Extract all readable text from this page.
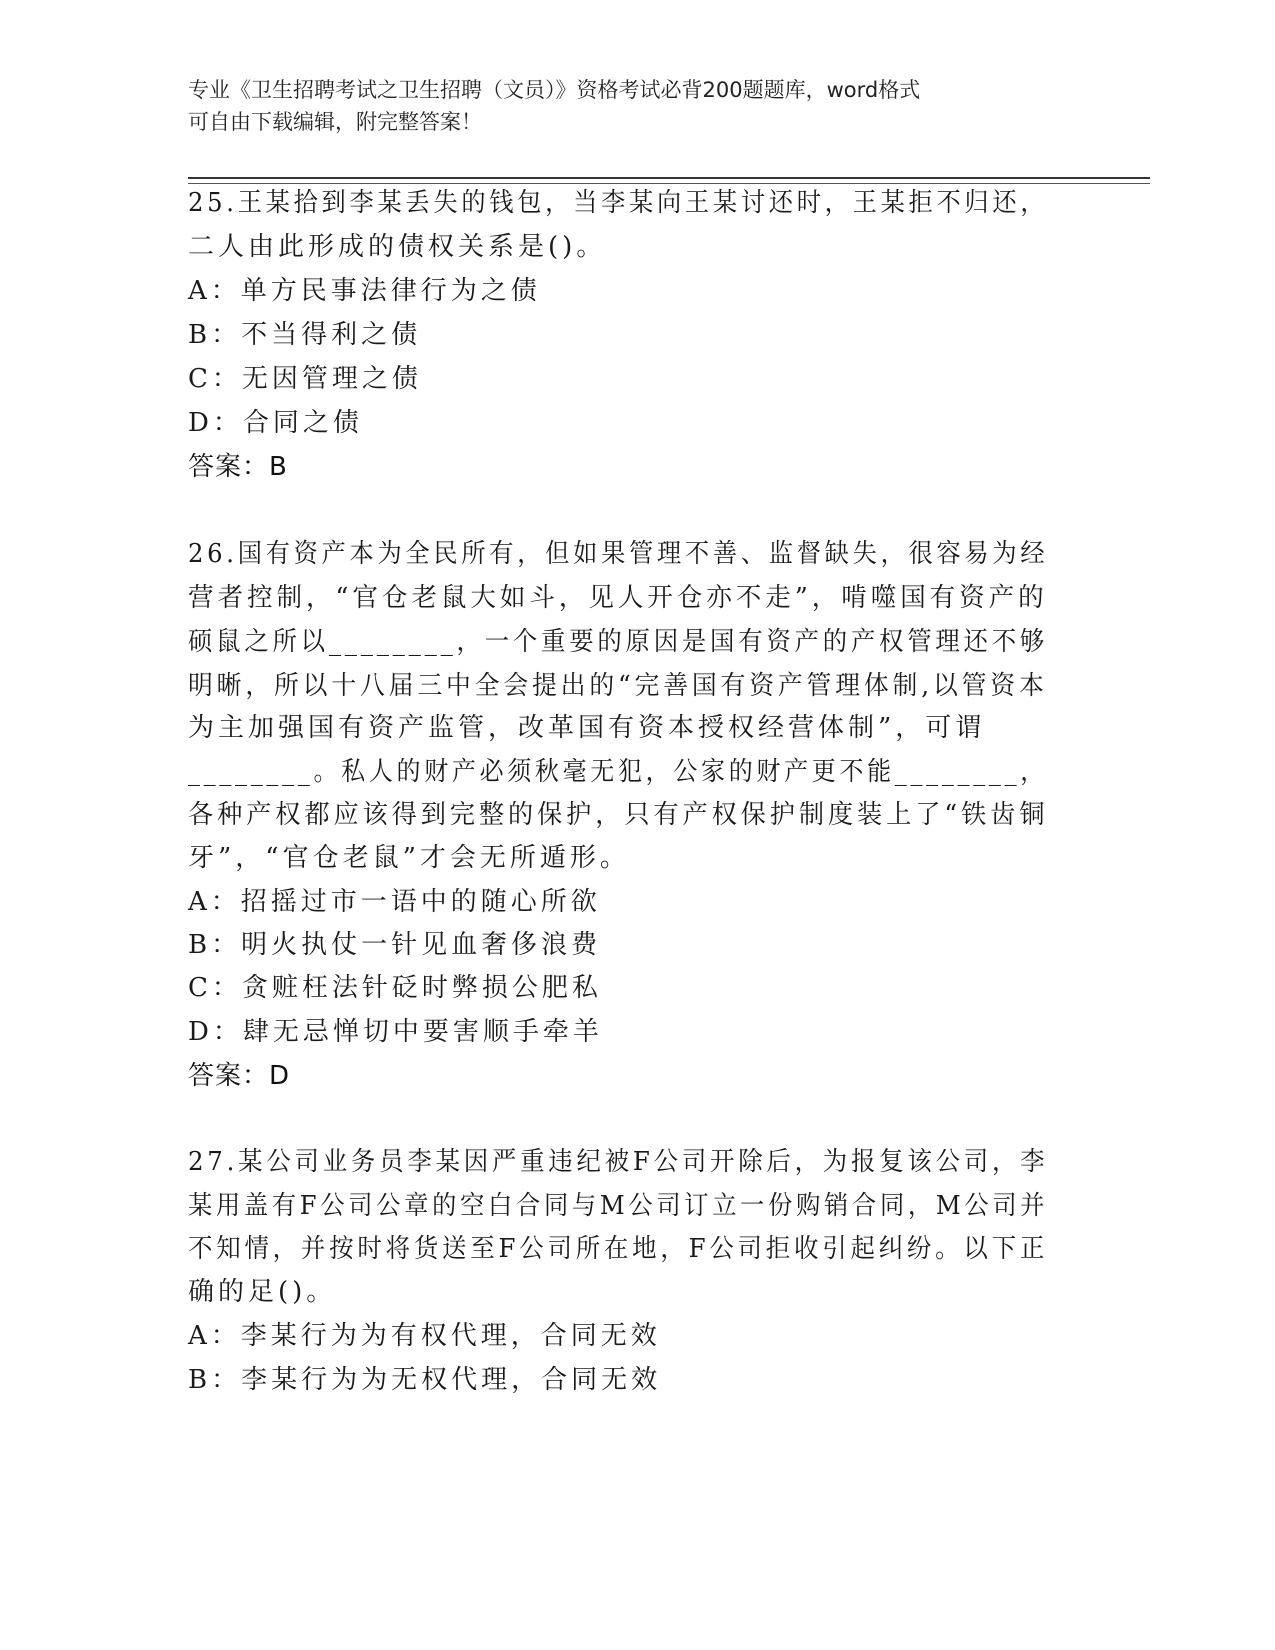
专业《卫生招聘考试之卫生招聘（文员）》资格考试必背200题题库，word格式
可自由下载编辑，附完整答案！
25.王某拾到李某丢失的钱包，当李某向王某讨还时，王某拒不归还，
二人由此形成的债权关系是()。
A：单方民事法律行为之债
B：不当得利之债
C：无因管理之债
D：合同之债
答案：B
26.国有资产本为全民所有，但如果管理不善、监督缺失，很容易为经
营者控制，“官仓老鼠大如斗，见人开仓亦不走”，啃噬国有资产的
硕鼠之所以________，一个重要的原因是国有资产的产权管理还不够
明晰，所以十八届三中全会提出的“完善国有资产管理体制,以管资本
为主加强国有资产监管，改革国有资本授权经营体制”，可谓
________。私人的财产必须秋毫无犯，公家的财产更不能________，
各种产权都应该得到完整的保护，只有产权保护制度装上了“铁齿铜
牙”，“官仓老鼠”才会无所遁形。
A：招摇过市一语中的随心所欲
B：明火执仗一针见血奢侈浪费
C：贪赃枉法针砭时弊损公肥私
D：肆无忌惮切中要害顺手牵羊
答案：D
27.某公司业务员李某因严重违纪被F公司开除后，为报复该公司，李
某用盖有F公司公章的空白合同与M公司订立一份购销合同，M公司并
不知情，并按时将货送至F公司所在地，F公司拒收引起纠纷。以下正
确的足()。
A：李某行为为有权代理，合同无效
B：李某行为为无权代理，合同无效
